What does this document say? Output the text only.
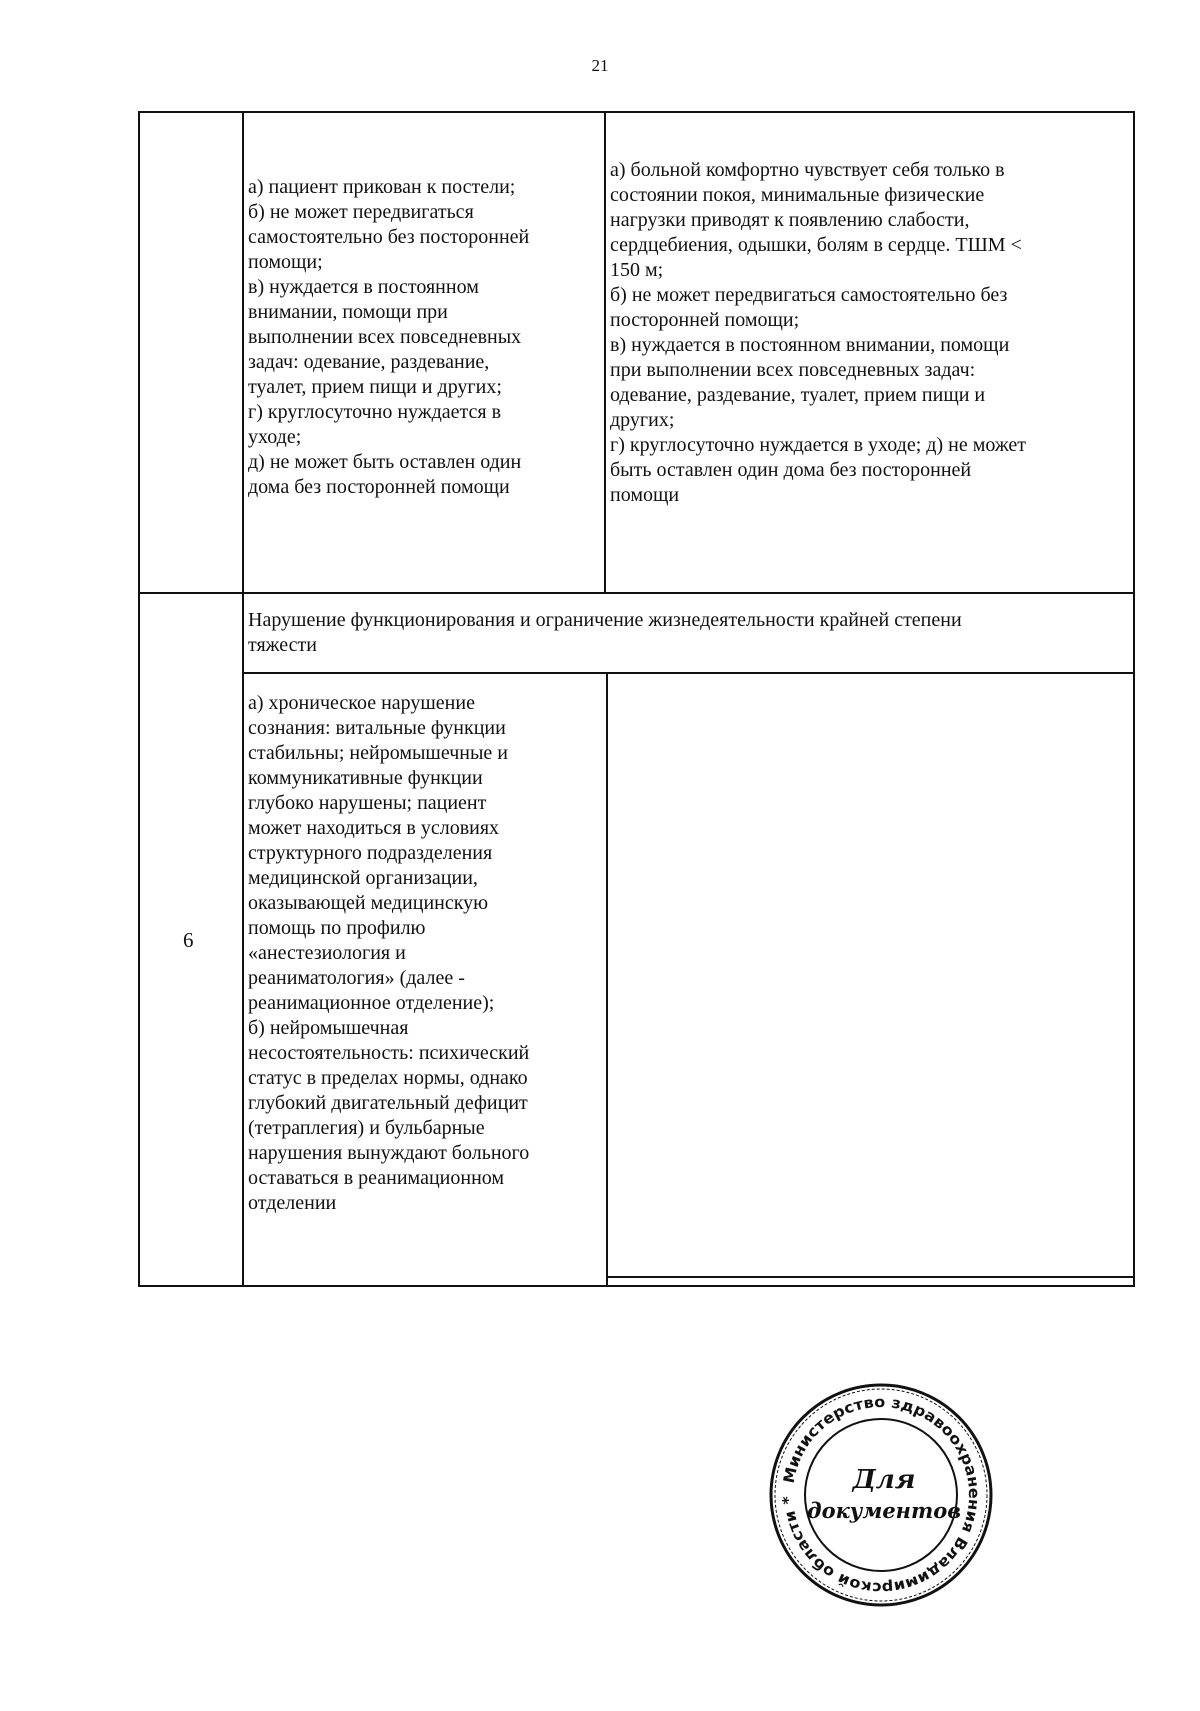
21
а) пациент прикован к постели;
б) не может передвигаться
самостоятельно без посторонней
помощи;
в) нуждается в постоянном
внимании, помощи при
выполнении всех повседневных
задач: одевание, раздевание,
туалет, прием пищи и других;
г) круглосуточно нуждается в
уходе;
д) не может быть оставлен один
дома без посторонней помощи
а) больной комфортно чувствует себя только в
состоянии покоя, минимальные физические
нагрузки приводят к появлению слабости,
сердцебиения, одышки, болям в сердце. ТШМ <
150 м;
б) не может передвигаться самостоятельно без
посторонней помощи;
в) нуждается в постоянном внимании, помощи
при выполнении всех повседневных задач:
одевание, раздевание, туалет, прием пищи и
других;
г) круглосуточно нуждается в уходе; д) не может
быть оставлен один дома без посторонней
помощи
6
Нарушение функционирования и ограничение жизнедеятельности крайней степени
тяжести
а) хроническое нарушение
сознания: витальные функции
стабильны; нейромышечные и
коммуникативные функции
глубоко нарушены; пациент
может находиться в условиях
структурного подразделения
медицинской организации,
оказывающей медицинскую
помощь по профилю
«анестезиология и
реаниматология» (далее -
реанимационное отделение);
б) нейромышечная
несостоятельность: психический
статус в пределах нормы, однако
глубокий двигательный дефицит
(тетраплегия) и бульбарные
нарушения вынуждают больного
оставаться в реанимационном
отделении
Министерство здравоохранения Владимирской области *
Для
документов
